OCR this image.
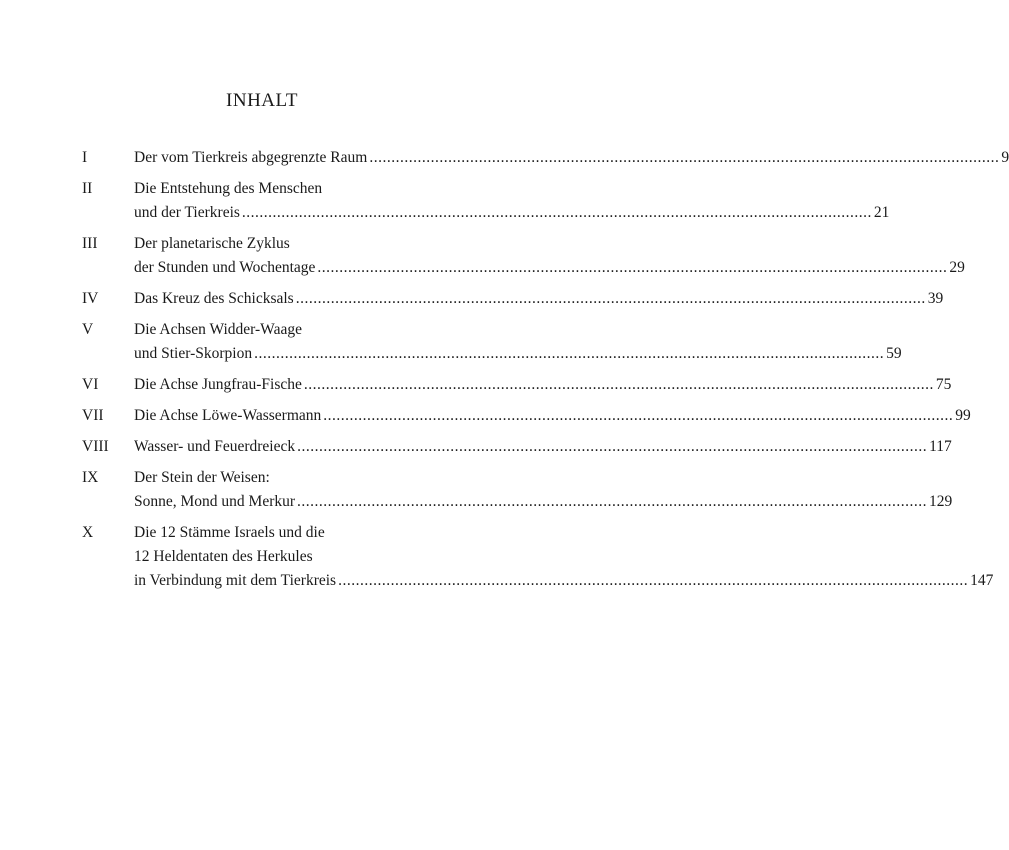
INHALT
I	Der vom Tierkreis abgegrenzte Raum .....	9
II	Die Entstehung des Menschen
und der Tierkreis .....	21
III	Der planetarische Zyklus
der Stunden und Wochentage .....	29
IV	Das Kreuz des Schicksals .....	39
V	Die Achsen Widder-Waage
und Stier-Skorpion .....	59
VI	Die Achse Jungfrau-Fische .....	75
VII	Die Achse Löwe-Wassermann .....	99
VIII	Wasser- und Feuerdreieck .....	117
IX	Der Stein der Weisen:
Sonne, Mond und Merkur .....	129
X	Die 12 Stämme Israels und die
12 Heldentaten des Herkules
in Verbindung mit dem Tierkreis .....	147
